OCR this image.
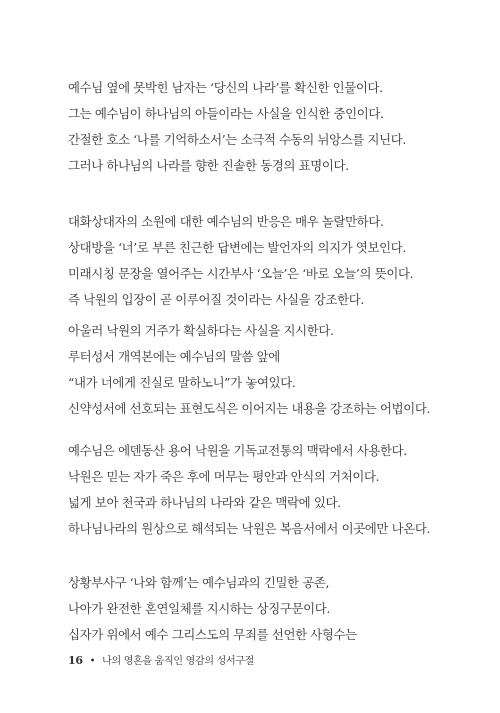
예수님 옆에 못박힌 남자는 ‘당신의 나라’를 확신한 인물이다.
그는 예수님이 하나님의 아들이라는 사실을 인식한 중인이다.
간절한 호소 ‘나를 기억하소서’는 소극적 수동의 뉘앙스를 지닌다.
그러나 하나님의 나라를 향한 진솔한 동경의 표명이다.
대화상대자의 소원에 대한 예수님의 반응은 매우 놀랄만하다.
상대방을 ‘너’로 부른 친근한 답변에는 발언자의 의지가 엿보인다.
미래시칭 문장을 열어주는 시간부사 ‘오늘’은 ‘바로 오늘’의 뜻이다.
즉 낙원의 입장이 곧 이루어질 것이라는 사실을 강조한다.
아울러 낙원의 거주가 확실하다는 사실을 지시한다.
루터성서 개역본에는 예수님의 말씀 앞에
“내가 너에게 진실로 말하노니”가 놓여있다.
신약성서에 선호되는 표현도식은 이어지는 내용을 강조하는 어법이다.
예수님은 에덴동산 용어 낙원을 기독교전통의 맥락에서 사용한다.
낙원은 믿는 자가 죽은 후에 머무는 평안과 안식의 거처이다.
넓게 보아 천국과 하나님의 나라와 같은 맥락에 있다.
하나님나라의 원상으로 해석되는 낙원은 복음서에서 이곳에만 나온다.
상황부사구 ‘나와 함께’는 예수님과의 긴밀한 공존,
나아가 완전한 혼연일체를 지시하는 상징구문이다.
십자가 위에서 예수 그리스도의 무죄를 선언한 사형수는
16 • 나의 영혼을 움직인 영감의 성서구절
